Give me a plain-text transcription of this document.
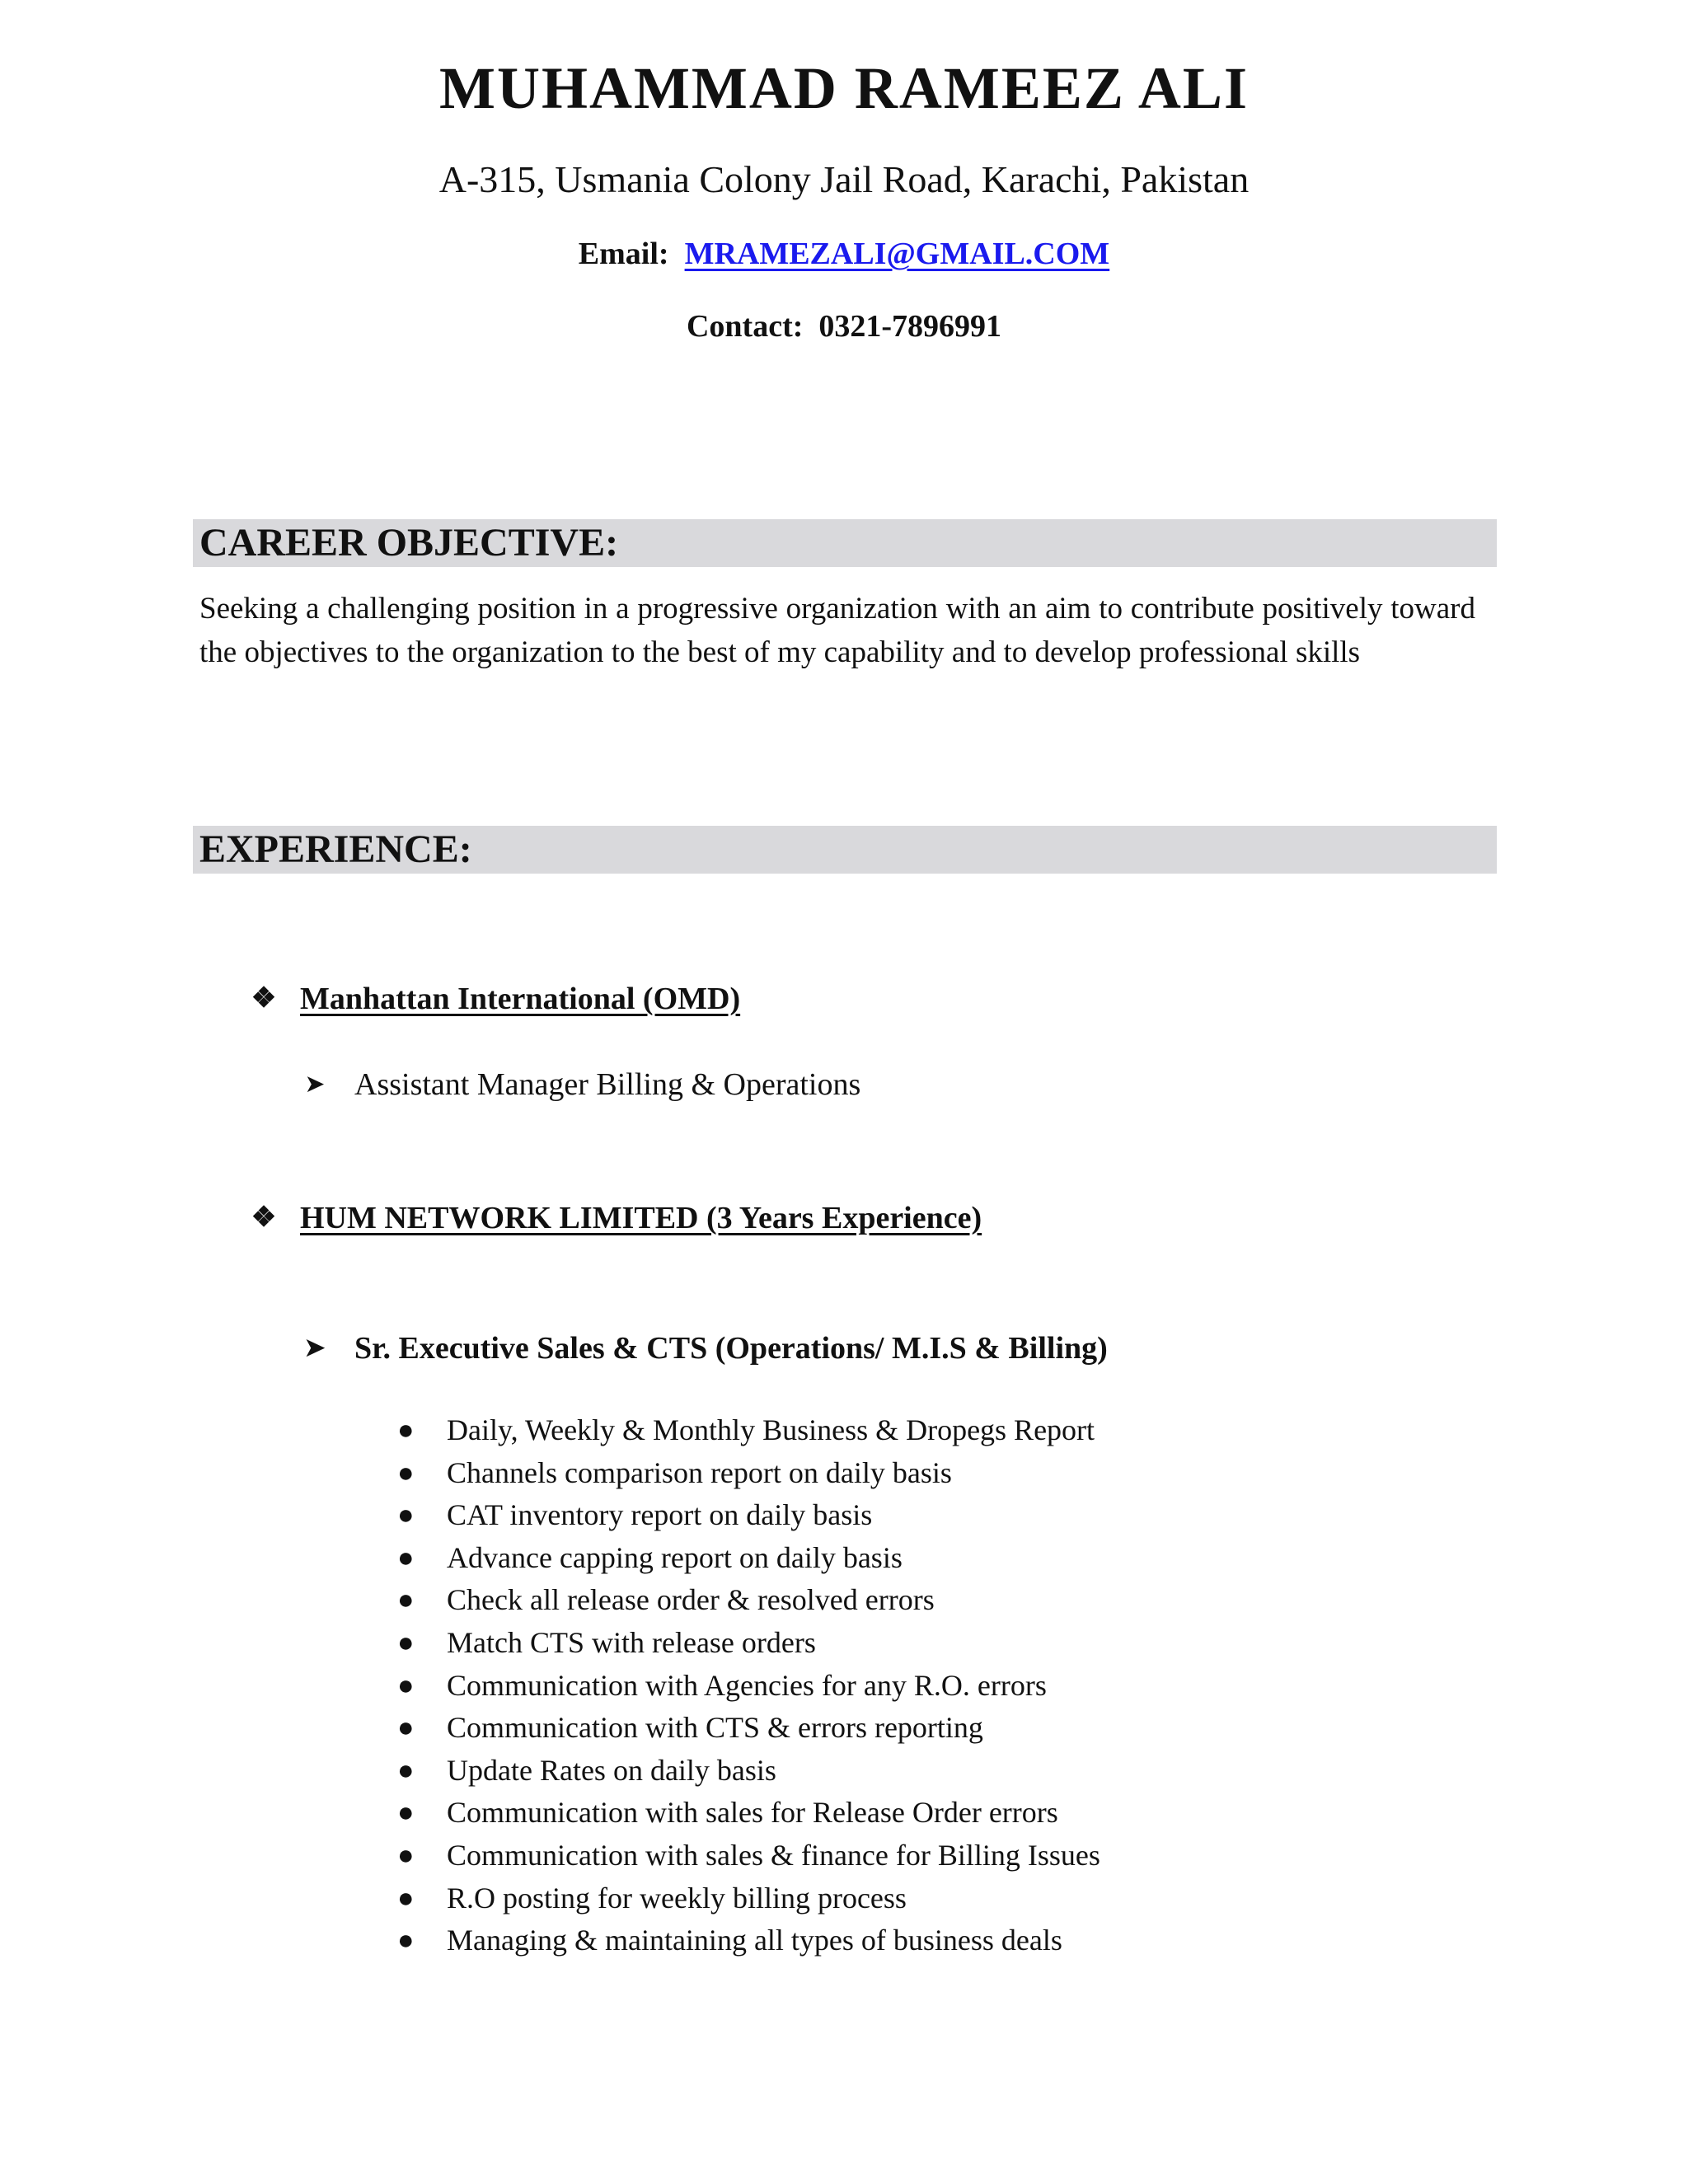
MUHAMMAD RAMEEZ ALI
A-315, Usmania Colony Jail Road, Karachi, Pakistan
Email: MRAMEZALI@GMAIL.COM
Contact: 0321-7896991
CAREER OBJECTIVE:
Seeking a challenging position in a progressive organization with an aim to contribute positively toward the objectives to the organization to the best of my capability and to develop professional skills
EXPERIENCE:
❖ Manhattan International (OMD)
➤ Assistant Manager Billing & Operations
❖ HUM NETWORK LIMITED (3 Years Experience)
➤ Sr. Executive Sales & CTS (Operations/ M.I.S & Billing)
● Daily, Weekly & Monthly Business & Dropegs Report
● Channels comparison report on daily basis
● CAT inventory report on daily basis
● Advance capping report on daily basis
● Check all release order & resolved errors
● Match CTS with release orders
● Communication with Agencies for any R.O. errors
● Communication with CTS & errors reporting
● Update Rates on daily basis
● Communication with sales for Release Order errors
● Communication with sales & finance for Billing Issues
● R.O posting for weekly billing process
● Managing & maintaining all types of business deals
